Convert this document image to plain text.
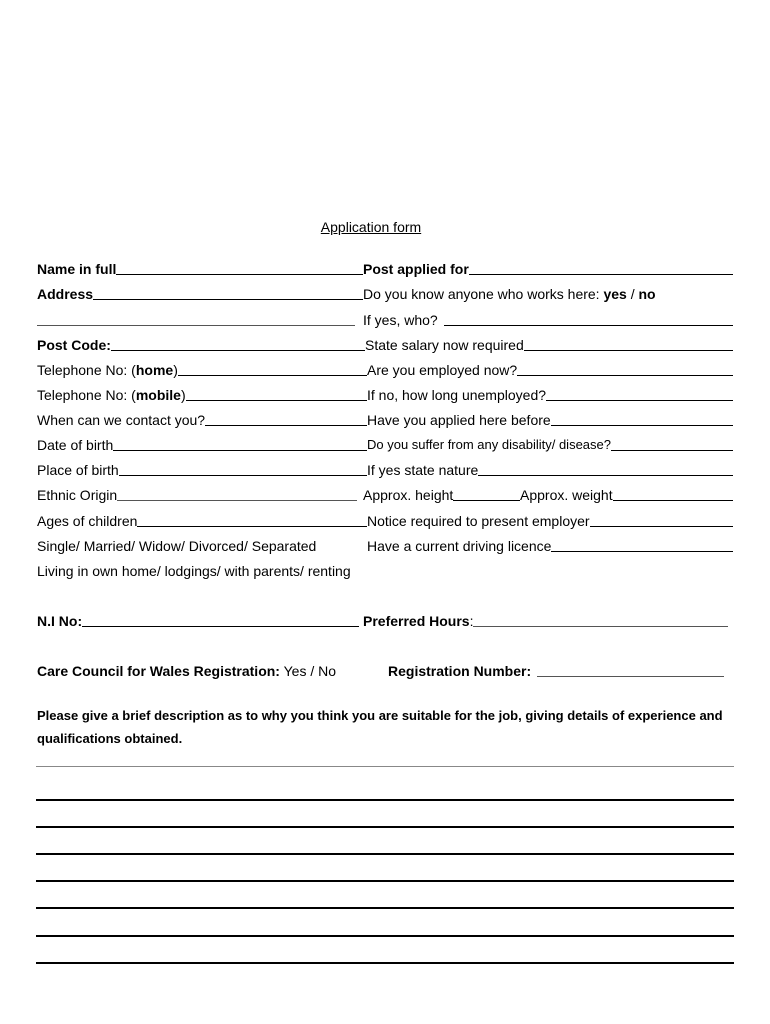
Application form
Name in full	Post applied for
Address	Do you know anyone who works here: yes / no
If yes, who?
Post Code:	State salary now required
Telephone No: (home)	Are you employed now?
Telephone No: (mobile)	If no, how long unemployed?
When can we contact you?	Have you applied here before
Date of birth	Do you suffer from any disability/ disease?
Place of birth	If yes state nature
Ethnic Origin	Approx. height	Approx. weight
Ages of children	Notice required to present employer
Single/ Married/ Widow/ Divorced/ Separated	Have a current driving licence
Living in own home/ lodgings/ with parents/ renting
N.I No:	Preferred Hours:
Care Council for Wales Registration: Yes / No	Registration Number:
Please give a brief description as to why you think you are suitable for the job, giving details of experience and qualifications obtained.
